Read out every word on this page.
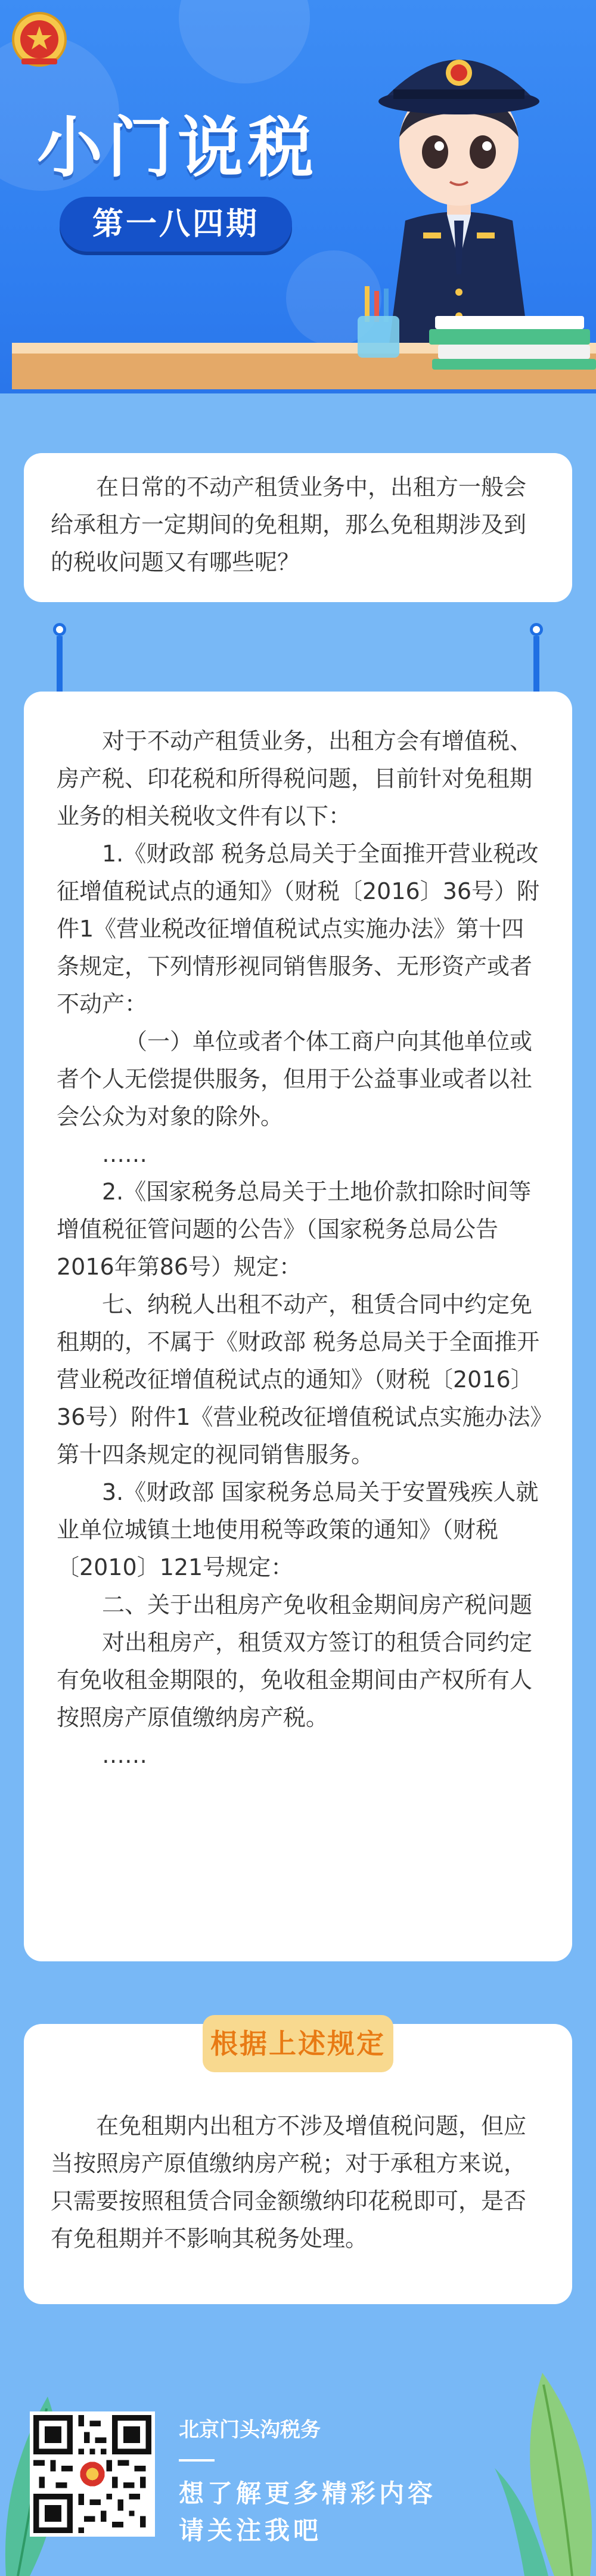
小门说税
第一八四期

在日常的不动产租赁业务中，出租方一般会给承租方一定期间的免租期，那么免租期涉及到的税收问题又有哪些呢？

对于不动产租赁业务，出租方会有增值税、房产税、印花税和所得税问题，目前针对免租期业务的相关税收文件有以下：

1.《财政部 税务总局关于全面推开营业税改征增值税试点的通知》（财税〔2016〕36号）附件1《营业税改征增值税试点实施办法》第十四条规定，下列情形视同销售服务、无形资产或者不动产：

（一）单位或者个体工商户向其他单位或者个人无偿提供服务，但用于公益事业或者以社会公众为对象的除外。

……

2.《国家税务总局关于土地价款扣除时间等增值税征管问题的公告》（国家税务总局公告2016年第86号）规定：

七、纳税人出租不动产，租赁合同中约定免租期的，不属于《财政部 税务总局关于全面推开营业税改征增值税试点的通知》（财税〔2016〕36号）附件1《营业税改征增值税试点实施办法》第十四条规定的视同销售服务。

3.《财政部 国家税务总局关于安置残疾人就业单位城镇土地使用税等政策的通知》（财税〔2010〕121号规定：

二、关于出租房产免收租金期间房产税问题

对出租房产，租赁双方签订的租赁合同约定有免收租金期限的，免收租金期间由产权所有人按照房产原值缴纳房产税。

……

在免租期内出租方不涉及增值税问题，但应当按照房产原值缴纳房产税；对于承租方来说，只需要按照租赁合同金额缴纳印花税即可，是否有免租期并不影响其税务处理。

根据上述规定
北京门头沟税务
想了解更多精彩内容
请关注我吧
